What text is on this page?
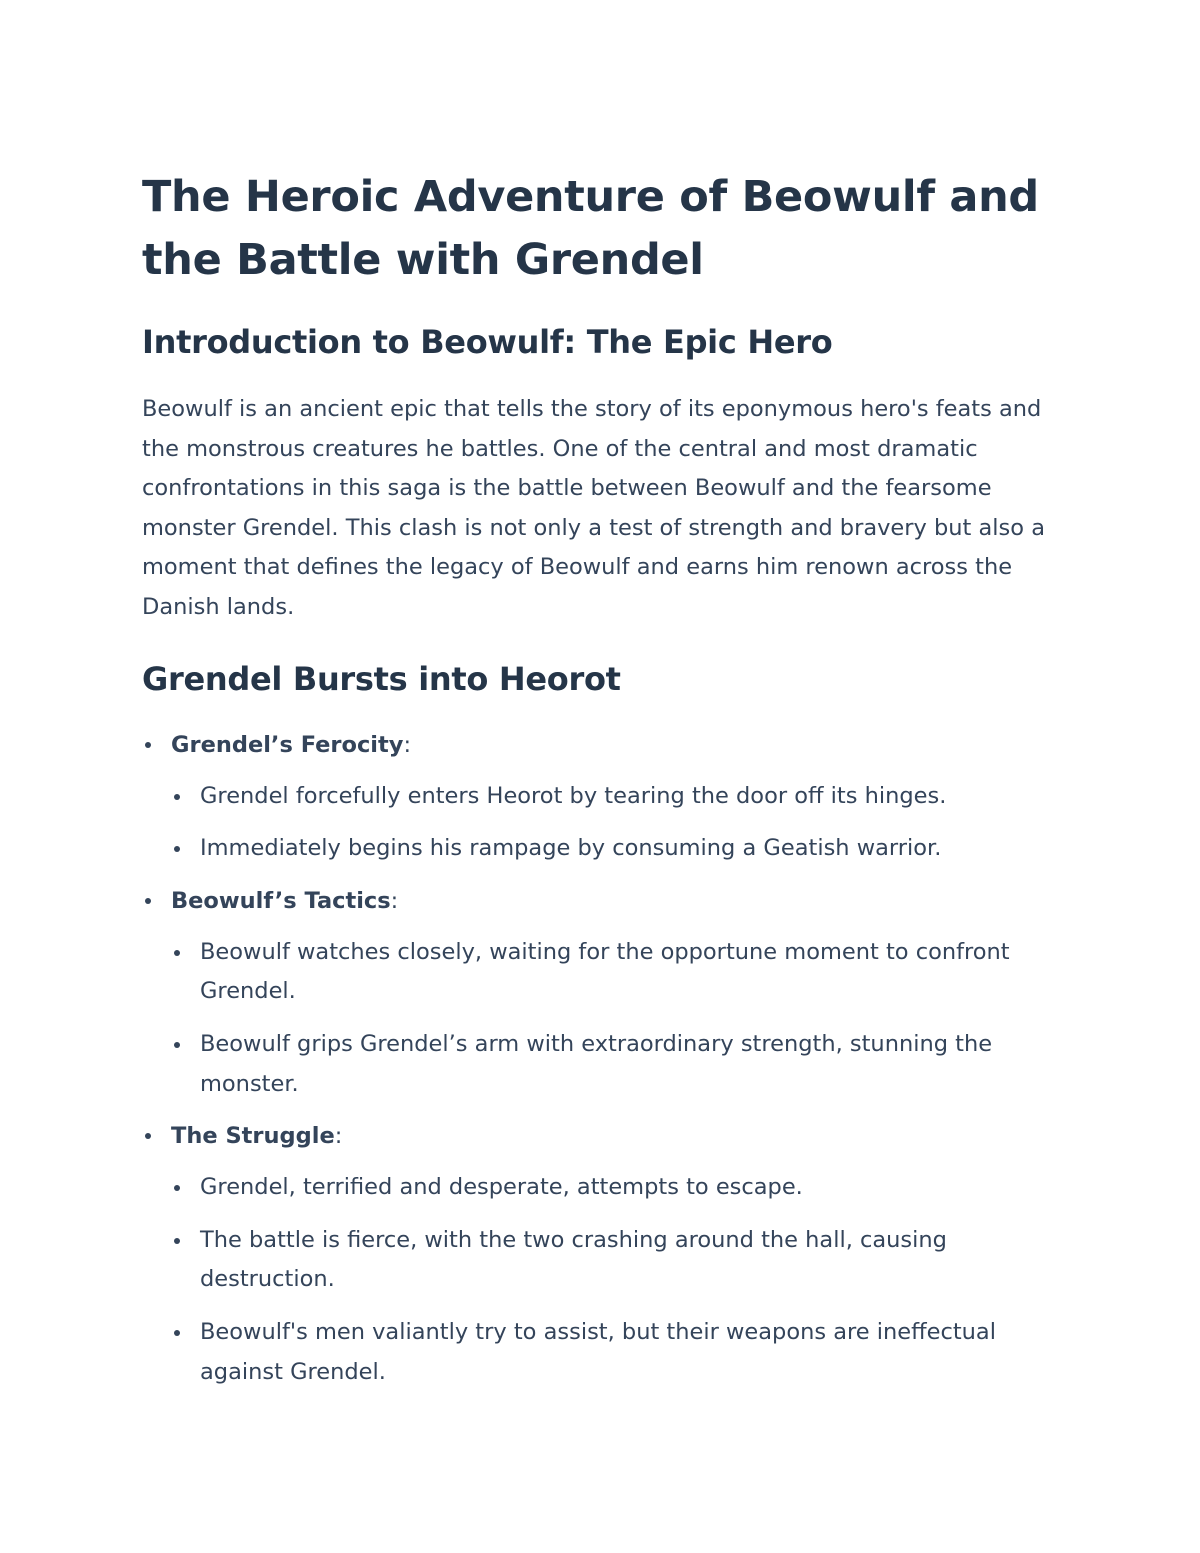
The Heroic Adventure of Beowulf and the Battle with Grendel
Introduction to Beowulf: The Epic Hero

Beowulf is an ancient epic that tells the story of its eponymous hero's feats and the monstrous creatures he battles. One of the central and most dramatic confrontations in this saga is the battle between Beowulf and the fearsome monster Grendel. This clash is not only a test of strength and bravery but also a moment that defines the legacy of Beowulf and earns him renown across the Danish lands.

Grendel Bursts into Heorot
Grendel’s Ferocity:
Grendel forcefully enters Heorot by tearing the door off its hinges.
Immediately begins his rampage by consuming a Geatish warrior.
Beowulf’s Tactics:
Beowulf watches closely, waiting for the opportune moment to confront Grendel.
Beowulf grips Grendel’s arm with extraordinary strength, stunning the monster.
The Struggle:
Grendel, terrified and desperate, attempts to escape.
The battle is fierce, with the two crashing around the hall, causing destruction.
Beowulf's men valiantly try to assist, but their weapons are ineffectual against Grendel.
